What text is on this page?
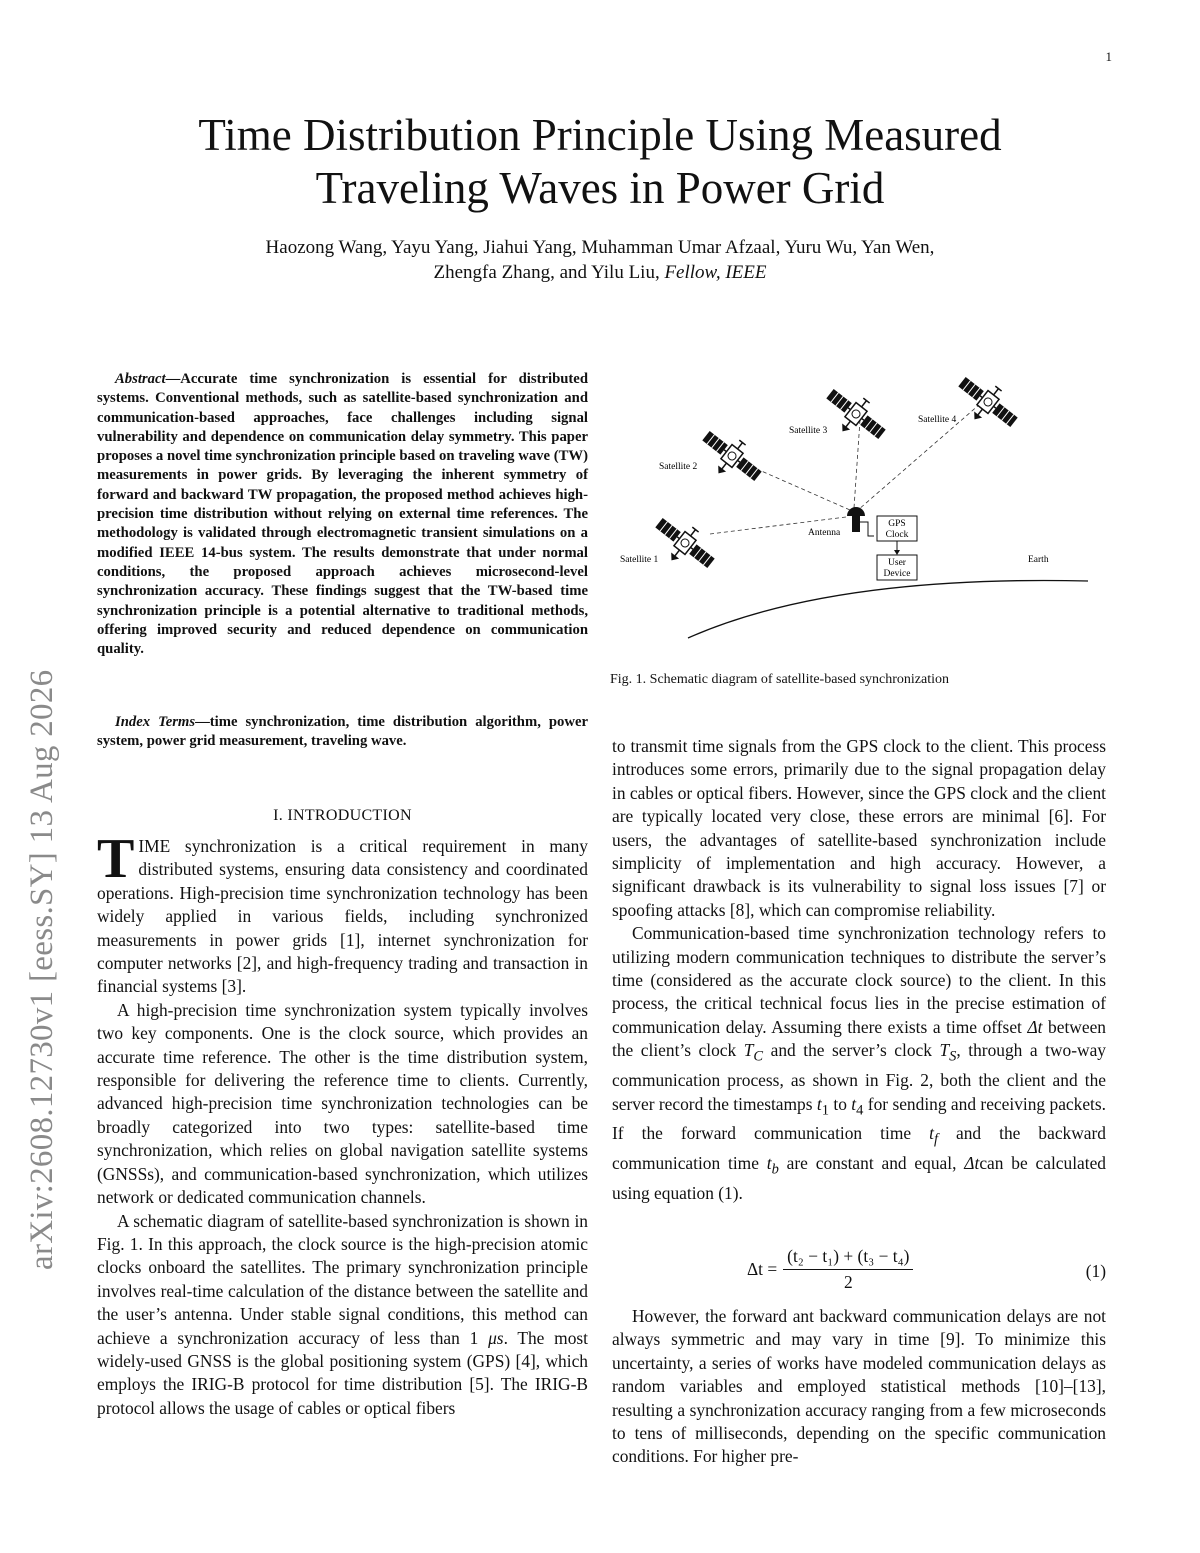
1
arXiv:2608.12730v1 [eess.SY] 13 Aug 2026
Time Distribution Principle Using Measured
Traveling Waves in Power Grid
Haozong Wang, Yayu Yang, Jiahui Yang, Muhamman Umar Afzaal, Yuru Wu, Yan Wen,
Zhengfa Zhang, and Yilu Liu, Fellow, IEEE

Abstract—Accurate time synchronization is essential for distributed systems. Conventional methods, such as satellite-based synchronization and communication-based approaches, face challenges including signal vulnerability and dependence on communication delay symmetry. This paper proposes a novel time synchronization principle based on traveling wave (TW) measurements in power grids. By leveraging the inherent symmetry of forward and backward TW propagation, the proposed method achieves high-precision time distribution without relying on external time references. The methodology is validated through electromagnetic transient simulations on a modified IEEE 14-bus system. The results demonstrate that under normal conditions, the proposed approach achieves microsecond-level synchronization accuracy. These findings suggest that the TW-based time synchronization principle is a potential alternative to traditional methods, offering improved security and reduced dependence on communication quality.

Index Terms—time synchronization, time distribution algorithm, power system, power grid measurement, traveling wave.

I. INTRODUCTION

TIME synchronization is a critical requirement in many distributed systems, ensuring data consistency and coordinated operations. High-precision time synchronization technology has been widely applied in various fields, including synchronized measurements in power grids [1], internet synchronization for computer networks [2], and high-frequency trading and transaction in financial systems [3].

A high-precision time synchronization system typically involves two key components. One is the clock source, which provides an accurate time reference. The other is the time distribution system, responsible for delivering the reference time to clients. Currently, advanced high-precision time synchronization technologies can be broadly categorized into two types: satellite-based time synchronization, which relies on global navigation satellite systems (GNSSs), and communication-based synchronization, which utilizes network or dedicated communication channels.

A schematic diagram of satellite-based synchronization is shown in Fig. 1. In this approach, the clock source is the high-precision atomic clocks onboard the satellites. The primary synchronization principle involves real-time calculation of the distance between the satellite and the user’s antenna. Under stable signal conditions, this method can achieve a synchronization accuracy of less than 1 μs. The most widely-used GNSS is the global positioning system (GPS) [4], which employs the IRIG-B protocol for time distribution [5]. The IRIG-B protocol allows the usage of cables or optical fibers

GPS
Clock
User
Device
Satellite 1
Satellite 2
Satellite 3
Satellite 4
Antenna
Earth
Fig. 1. Schematic diagram of satellite-based synchronization

to transmit time signals from the GPS clock to the client. This process introduces some errors, primarily due to the signal propagation delay in cables or optical fibers. However, since the GPS clock and the client are typically located very close, these errors are minimal [6]. For users, the advantages of satellite-based synchronization include simplicity of implementation and high accuracy. However, a significant drawback is its vulnerability to signal loss issues [7] or spoofing attacks [8], which can compromise reliability.

Communication-based time synchronization technology refers to utilizing modern communication techniques to distribute the server’s time (considered as the accurate clock source) to the client. In this process, the critical technical focus lies in the precise estimation of communication delay. Assuming there exists a time offset Δt between the client’s clock $T_C$ and the server’s clock $T_S$, through a two-way communication process, as shown in Fig. 2, both the client and the server record the timestamps $t_1$ to $t_4$ for sending and receiving packets. If the forward communication time $t_f$ and the backward communication time $t_b$ are constant and equal, Δtcan be calculated using equation (1).

$\Delta t = \frac{\text{(t₂ − t₁) + (t₃ − t₄)}}{2}$	(1)

However, the forward ant backward communication delays are not always symmetric and may vary in time [9]. To minimize this uncertainty, a series of works have modeled communication delays as random variables and employed statistical methods [10]–[13], resulting a synchronization accuracy ranging from a few microseconds to tens of milliseconds, depending on the specific communication conditions. For higher pre-
